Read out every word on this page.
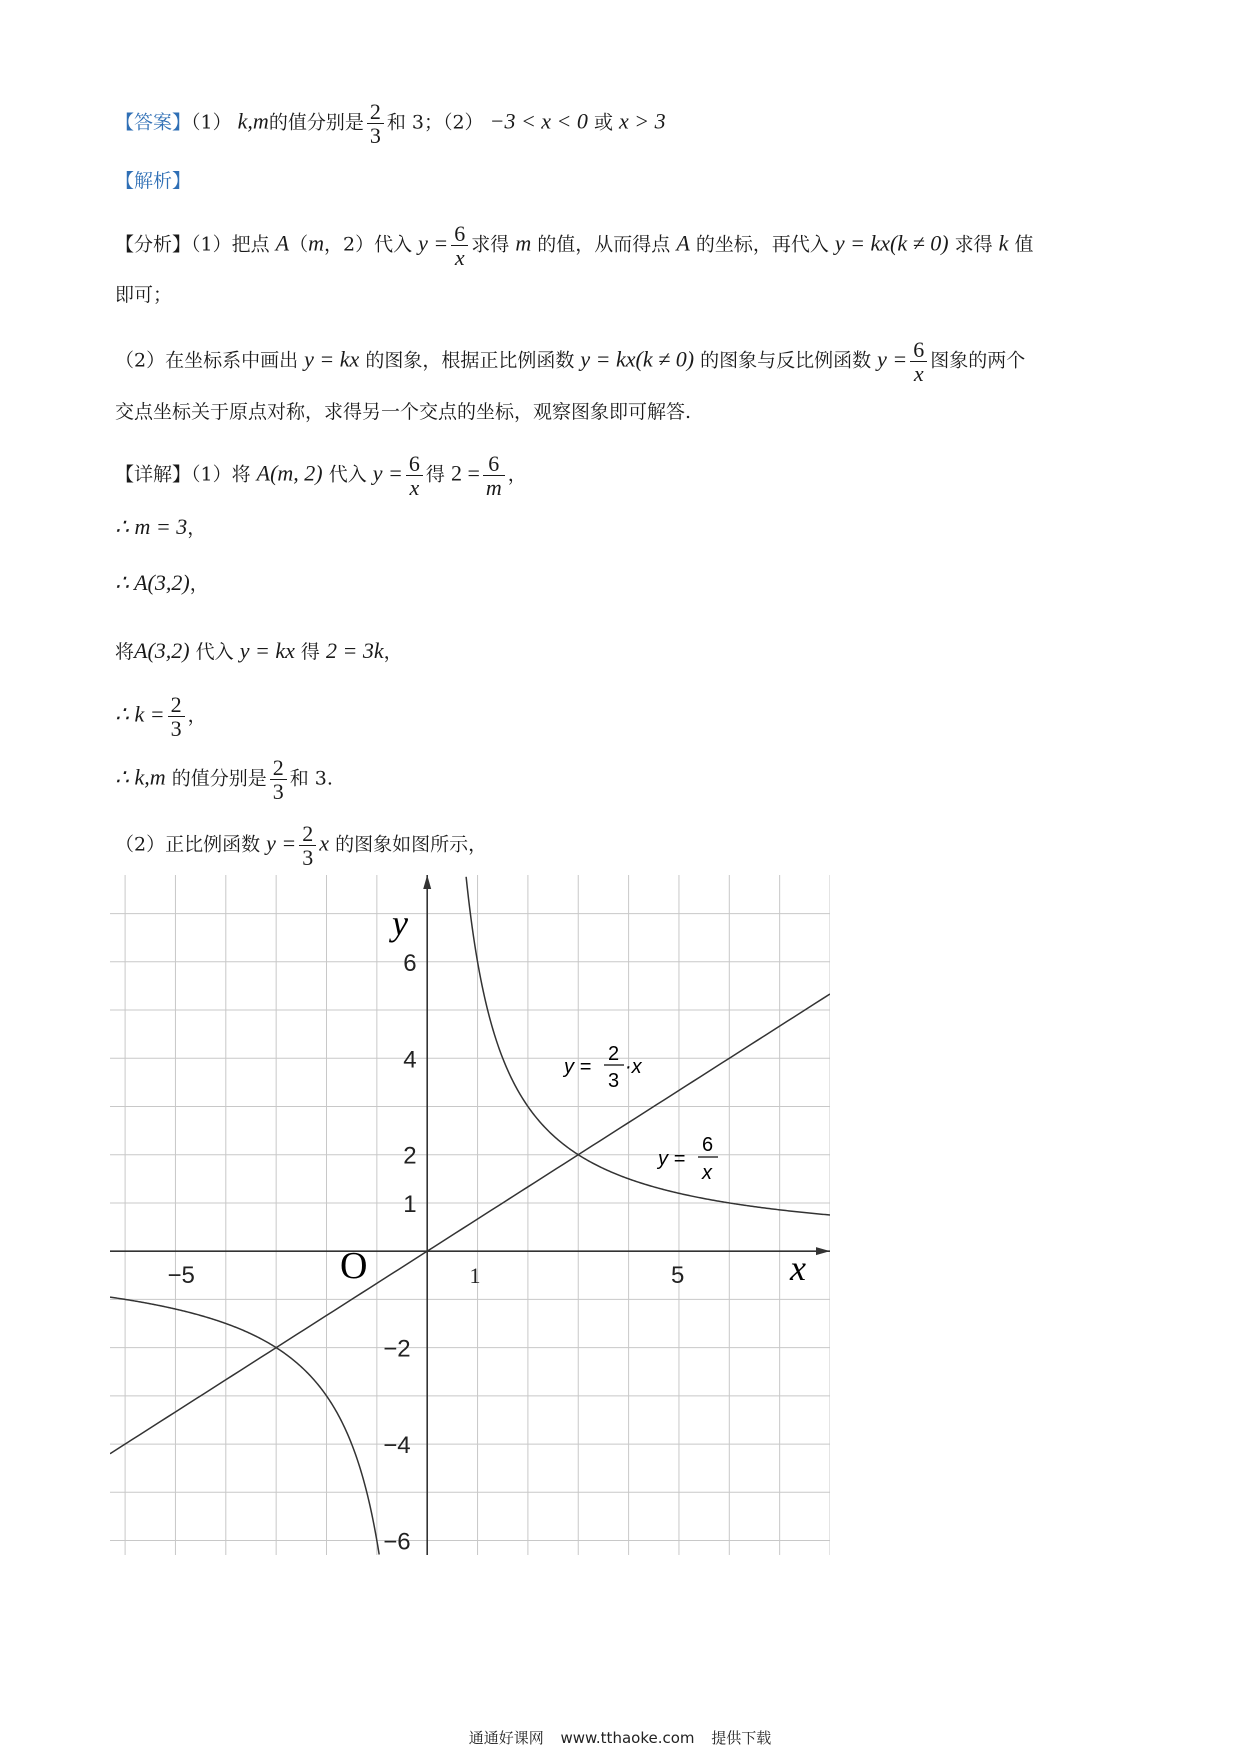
【答案】（1） k,m的值分别是 $\frac{2}{3}$ 和 3；（2） −3 < x < 0 或 x > 3
【解析】
【分析】（1）把点 A（m，2）代入 $y = \frac{6}{x}$ 求得 m 的值，从而得点 A 的坐标，再代入 y = kx(k ≠ 0) 求得 k 值
即可；
（2）在坐标系中画出 y = kx 的图象，根据正比例函数 y = kx(k ≠ 0) 的图象与反比例函数 $y = \frac{6}{x}$ 图象的两个
交点坐标关于原点对称，求得另一个交点的坐标，观察图象即可解答.
【详解】（1）将 A(m, 2) 代入 $y = \frac{6}{x}$ 得 $2 = \frac{6}{m}$ ，
∴ m = 3，
∴ A(3,2)，
将A(3,2) 代入 y = kx 得 2 = 3k，
∴ $k = \frac{2}{3}$ ，
∴ k,m 的值分别是 $\frac{2}{3}$ 和 3.
（2）正比例函数 $y = \frac{2}{3}$ x 的图象如图所示，
−5	1	5
6
4
2
1
−2
−4
−6
y
x
O
y =
2
3
·x
y =
6
x
通通好课网 www.tthaoke.com 提供下载
